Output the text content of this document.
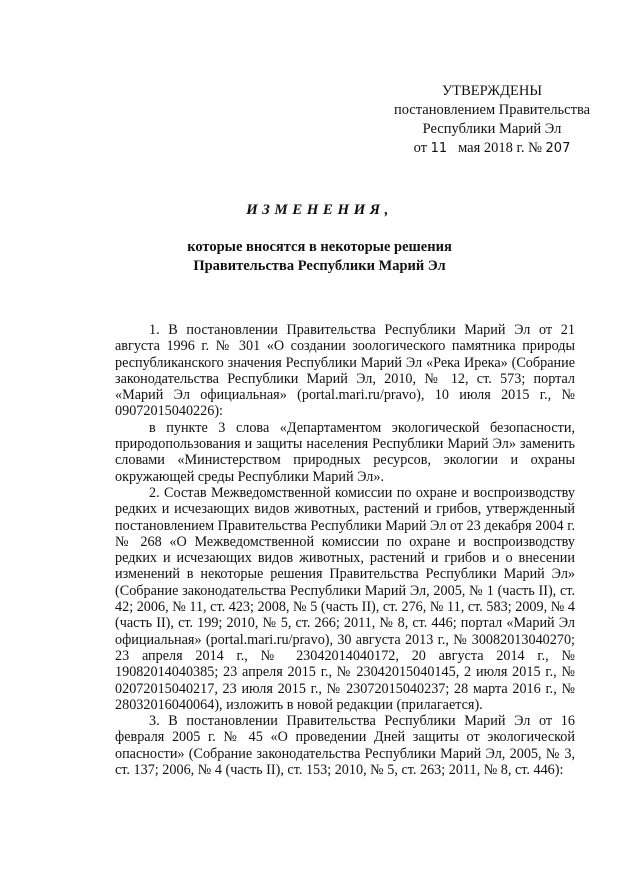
УТВЕРЖДЕНЫ
постановлением Правительства
Республики Марий Эл
от 11 мая 2018 г. № 207
ИЗМЕНЕНИЯ,
которые вносятся в некоторые решения
Правительства Республики Марий Эл

1. В постановлении Правительства Республики Марий Эл от 21 августа 1996 г. № 301 «О создании зоологического памятника природы республиканского значения Республики Марий Эл «Река Ирека» (Собрание законодательства Республики Марий Эл, 2010, № 12, ст. 573; портал «Марий Эл официальная» (portal.mari.ru/pravo), 10 июля 2015 г., № 09072015040226):

в пункте 3 слова «Департаментом экологической безопасности, природопользования и защиты населения Республики Марий Эл» заменить словами «Министерством природных ресурсов, экологии и охраны окружающей среды Республики Марий Эл».

2. Состав Межведомственной комиссии по охране и воспроизводству редких и исчезающих видов животных, растений и грибов, утвержденный постановлением Правительства Республики Марий Эл от 23 декабря 2004 г. № 268 «О Межведомственной комиссии по охране и воспроизводству редких и исчезающих видов животных, растений и грибов и о внесении изменений в некоторые решения Правительства Республики Марий Эл» (Собрание законодательства Республики Марий Эл, 2005, № 1 (часть II), ст. 42; 2006, № 11, ст. 423; 2008, № 5 (часть II), ст. 276, № 11, ст. 583; 2009, № 4 (часть II), ст. 199; 2010, № 5, ст. 266; 2011, № 8, ст. 446; портал «Марий Эл официальная» (portal.mari.ru/pravo), 30 августа 2013 г., № 30082013040270; 23 апреля 2014 г., № 23042014040172, 20 августа 2014 г., № 19082014040385; 23 апреля 2015 г., № 23042015040145, 2 июля 2015 г., № 02072015040217, 23 июля 2015 г., № 23072015040237; 28 марта 2016 г., № 28032016040064), изложить в новой редакции (прилагается).

3. В постановлении Правительства Республики Марий Эл от 16 февраля 2005 г. № 45 «О проведении Дней защиты от экологической опасности» (Собрание законодательства Республики Марий Эл, 2005, № 3, ст. 137; 2006, № 4 (часть II), ст. 153; 2010, № 5, ст. 263; 2011, № 8, ст. 446):
